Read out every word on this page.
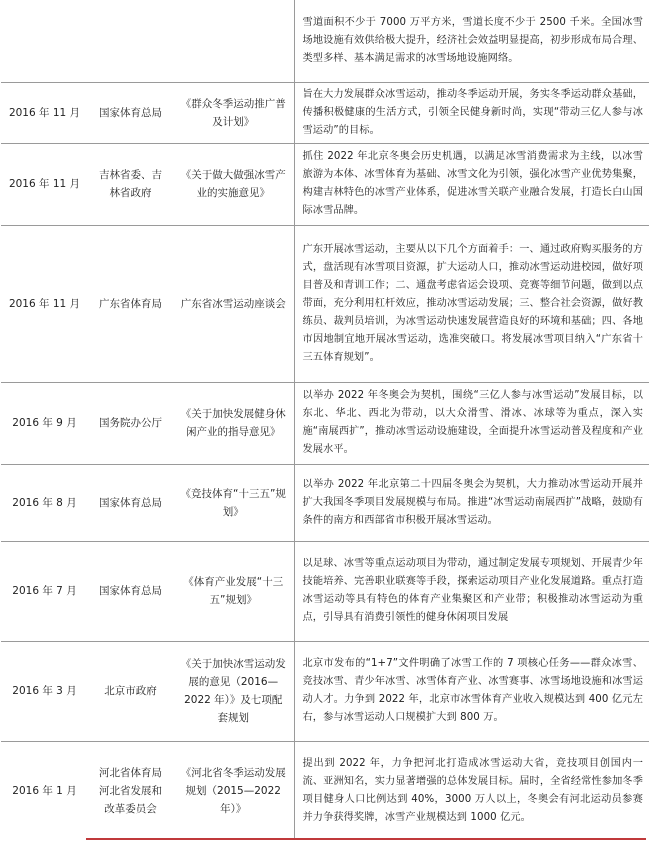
			雪道面积不少于 7000 万平方米，雪道长度不少于 2500 千米。全国冰雪场地设施有效供给极大提升，经济社会效益明显提高，初步形成布局合理、类型多样、基本满足需求的冰雪场地设施网络。
2016 年 11 月	国家体育总局	《群众冬季运动推广普及计划》	旨在大力发展群众冰雪运动，推动冬季运动开展，务实冬季运动群众基础，传播积极健康的生活方式，引领全民健身新时尚，实现“带动三亿人参与冰雪运动”的目标。
2016 年 11 月	吉林省委、吉林省政府	《关于做大做强冰雪产业的实施意见》	抓住 2022 年北京冬奥会历史机遇，以满足冰雪消费需求为主线，以冰雪旅游为本体、冰雪体育为基础、冰雪文化为引领，强化冰雪产业优势集聚，构建吉林特色的冰雪产业体系，促进冰雪关联产业融合发展，打造长白山国际冰雪品牌。
2016 年 11 月	广东省体育局	广东省冰雪运动座谈会	广东开展冰雪运动，主要从以下几个方面着手：一、通过政府购买服务的方式，盘活现有冰雪项目资源，扩大运动人口，推动冰雪运动进校园，做好项目普及和青训工作；二、通盘考虑省运会设项、竞赛等细节问题，做到以点带面，充分利用杠杆效应，推动冰雪运动发展；三、整合社会资源，做好教练员、裁判员培训，为冰雪运动快速发展营造良好的环境和基础；四、各地市因地制宜地开展冰雪运动，选准突破口。将发展冰雪项目纳入“广东省十三五体育规划”。
2016 年 9 月	国务院办公厅	《关于加快发展健身休闲产业的指导意见》	以举办 2022 年冬奥会为契机，围绕“三亿人参与冰雪运动”发展目标，以东北、华北、西北为带动，以大众滑雪、滑冰、冰球等为重点，深入实施“南展西扩”，推动冰雪运动设施建设，全面提升冰雪运动普及程度和产业发展水平。
2016 年 8 月	国家体育总局	《竞技体育“十三五”规划》	以举办 2022 年北京第二十四届冬奥会为契机，大力推动冰雪运动开展并扩大我国冬季项目发展规模与布局。推进“冰雪运动南展西扩”战略，鼓励有条件的南方和西部省市积极开展冰雪运动。
2016 年 7 月	国家体育总局	《体育产业发展“十三五”规划》	以足球、冰雪等重点运动项目为带动，通过制定发展专项规划、开展青少年技能培养、完善职业联赛等手段，探索运动项目产业化发展道路。重点打造冰雪运动等具有特色的体育产业集聚区和产业带；积极推动冰雪运动为重点，引导具有消费引领性的健身休闲项目发展
2016 年 3 月	北京市政府	《关于加快冰雪运动发展的意见（2016—2022 年）》及七项配套规划	北京市发布的“1+7”文件明确了冰雪工作的 7 项核心任务——群众冰雪、竞技冰雪、青少年冰雪、冰雪体育产业、冰雪赛事、冰雪场地设施和冰雪运动人才。力争到 2022 年，北京市冰雪体育产业收入规模达到 400 亿元左右，参与冰雪运动人口规模扩大到 800 万。
2016 年 1 月	河北省体育局河北省发展和改革委员会	《河北省冬季运动发展规划（2015—2022 年）》	提出到 2022 年，力争把河北打造成冰雪运动大省，竞技项目创国内一流、亚洲知名，实力显著增强的总体发展目标。届时，全省经常性参加冬季项目健身人口比例达到 40%，3000 万人以上，冬奥会有河北运动员参赛并力争获得奖牌，冰雪产业规模达到 1000 亿元。
